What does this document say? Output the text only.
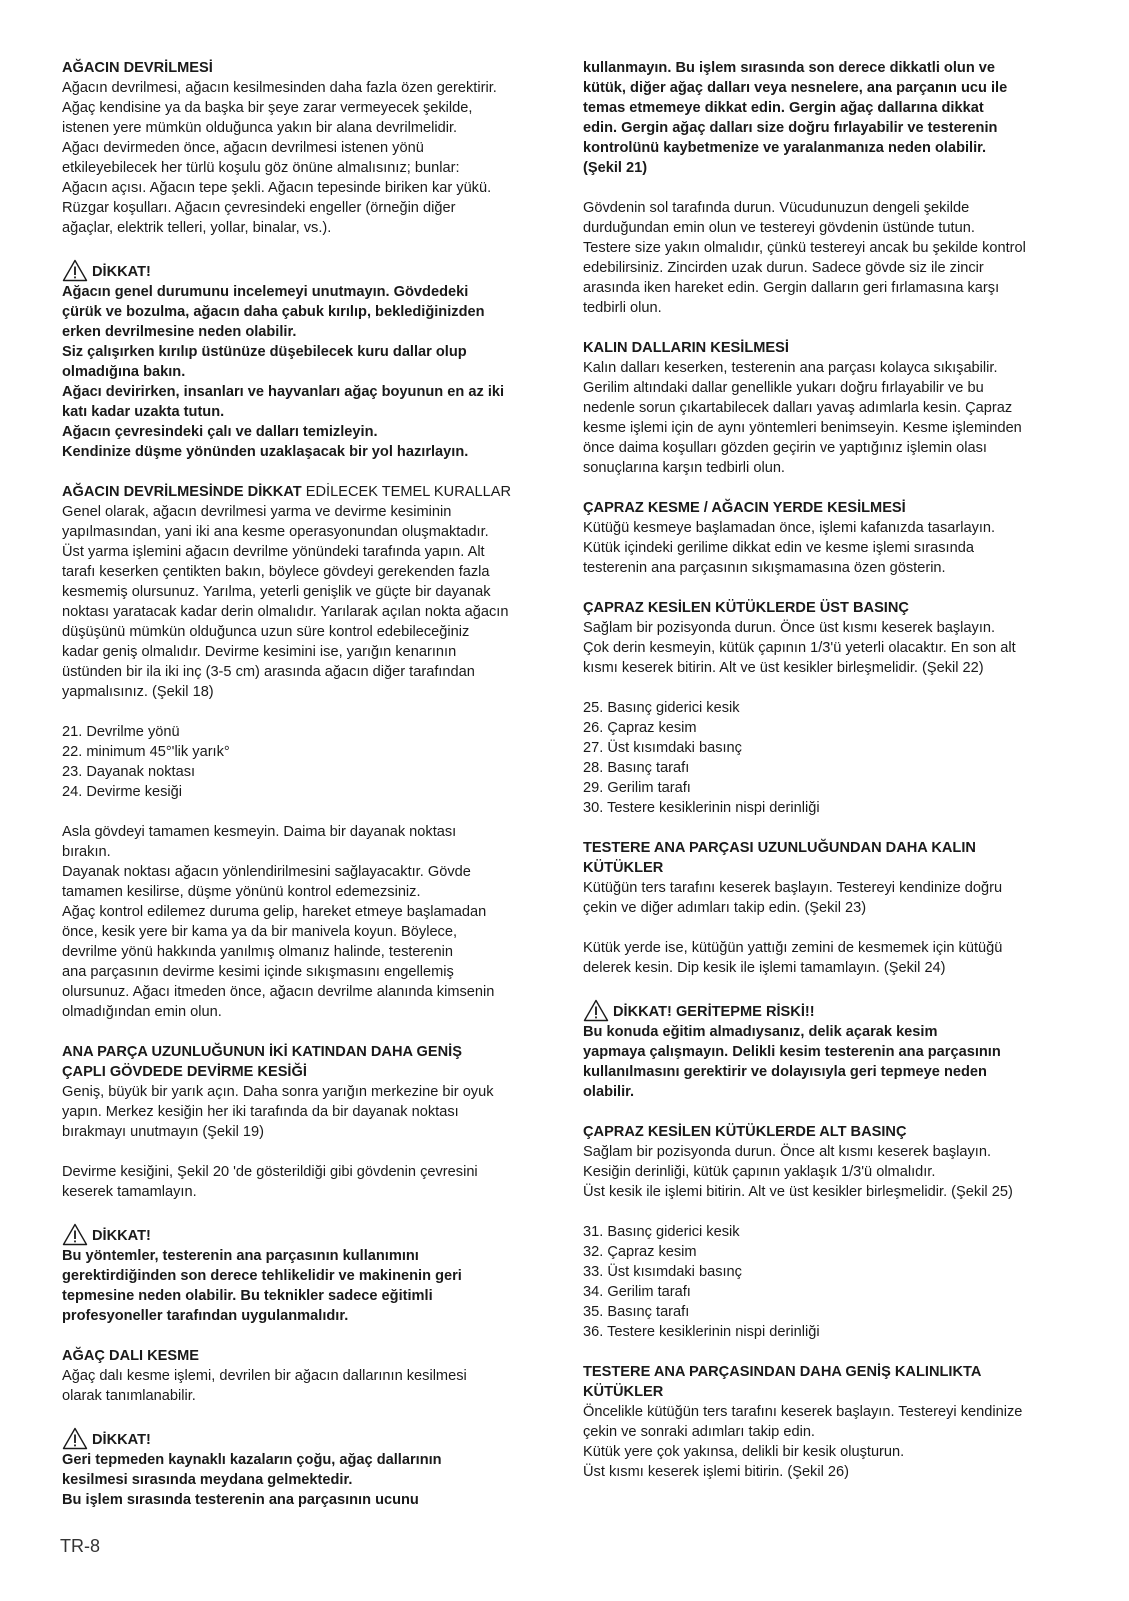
AĞACIN DEVRİLMESİ

Ağacın devrilmesi, ağacın kesilmesinden daha fazla özen gerektirir.
Ağaç kendisine ya da başka bir şeye zarar vermeyecek şekilde,
istenen yere mümkün olduğunca yakın bir alana devrilmelidir.
Ağacı devirmeden önce, ağacın devrilmesi istenen yönü
etkileyebilecek her türlü koşulu göz önüne almalısınız; bunlar:
Ağacın açısı. Ağacın tepe şekli. Ağacın tepesinde biriken kar yükü.
Rüzgar koşulları. Ağacın çevresindeki engeller (örneğin diğer
ağaçlar, elektrik telleri, yollar, binalar, vs.).

DİKKAT!

Ağacın genel durumunu incelemeyi unutmayın. Gövdedeki
çürük ve bozulma, ağacın daha çabuk kırılıp, beklediğinizden
erken devrilmesine neden olabilir.
Siz çalışırken kırılıp üstünüze düşebilecek kuru dallar olup
olmadığına bakın.
Ağacı devirirken, insanları ve hayvanları ağaç boyunun en az iki
katı kadar uzakta tutun.
Ağacın çevresindeki çalı ve dalları temizleyin.
Kendinize düşme yönünden uzaklaşacak bir yol hazırlayın.

AĞACIN DEVRİLMESİNDE DİKKAT EDİLECEK TEMEL KURALLAR

Genel olarak, ağacın devrilmesi yarma ve devirme kesiminin
yapılmasından, yani iki ana kesme operasyonundan oluşmaktadır.
Üst yarma işlemini ağacın devrilme yönündeki tarafında yapın. Alt
tarafı keserken çentikten bakın, böylece gövdeyi gerekenden fazla
kesmemiş olursunuz. Yarılma, yeterli genişlik ve güçte bir dayanak
noktası yaratacak kadar derin olmalıdır. Yarılarak açılan nokta ağacın
düşüşünü mümkün olduğunca uzun süre kontrol edebileceğiniz
kadar geniş olmalıdır. Devirme kesimini ise, yarığın kenarının
üstünden bir ila iki inç (3-5 cm) arasında ağacın diğer tarafından
yapmalısınız. (Şekil 18)

21. Devrilme yönü
22. minimum 45°'lik yarık°
23. Dayanak noktası
24. Devirme kesiği

Asla gövdeyi tamamen kesmeyin. Daima bir dayanak noktası
bırakın.
Dayanak noktası ağacın yönlendirilmesini sağlayacaktır. Gövde
tamamen kesilirse, düşme yönünü kontrol edemezsiniz.
Ağaç kontrol edilemez duruma gelip, hareket etmeye başlamadan
önce, kesik yere bir kama ya da bir manivela koyun. Böylece,
devrilme yönü hakkında yanılmış olmanız halinde, testerenin
ana parçasının devirme kesimi içinde sıkışmasını engellemiş
olursunuz. Ağacı itmeden önce, ağacın devrilme alanında kimsenin
olmadığından emin olun.

ANA PARÇA UZUNLUĞUNUN İKİ KATINDAN DAHA GENİŞ
ÇAPLI GÖVDEDE DEVİRME KESİĞİ

Geniş, büyük bir yarık açın. Daha sonra yarığın merkezine bir oyuk
yapın. Merkez kesiğin her iki tarafında da bir dayanak noktası
bırakmayı unutmayın (Şekil 19)

Devirme kesiğini, Şekil 20 'de gösterildiği gibi gövdenin çevresini
keserek tamamlayın.

DİKKAT!

Bu yöntemler, testerenin ana parçasının kullanımını
gerektirdiğinden son derece tehlikelidir ve makinenin geri
tepmesine neden olabilir. Bu teknikler sadece eğitimli
profesyoneller tarafından uygulanmalıdır.

AĞAÇ DALI KESME

Ağaç dalı kesme işlemi, devrilen bir ağacın dallarının kesilmesi
olarak tanımlanabilir.

DİKKAT!

Geri tepmeden kaynaklı kazaların çoğu, ağaç dallarının
kesilmesi sırasında meydana gelmektedir.
Bu işlem sırasında testerenin ana parçasının ucunu

kullanmayın. Bu işlem sırasında son derece dikkatli olun ve
kütük, diğer ağaç dalları veya nesnelere, ana parçanın ucu ile
temas etmemeye dikkat edin. Gergin ağaç dallarına dikkat
edin. Gergin ağaç dalları size doğru fırlayabilir ve testerenin
kontrolünü kaybetmenize ve yaralanmanıza neden olabilir.
(Şekil 21)

Gövdenin sol tarafında durun. Vücudunuzun dengeli şekilde
durduğundan emin olun ve testereyi gövdenin üstünde tutun.
Testere size yakın olmalıdır, çünkü testereyi ancak bu şekilde kontrol
edebilirsiniz. Zincirden uzak durun. Sadece gövde siz ile zincir
arasında iken hareket edin. Gergin dalların geri fırlamasına karşı
tedbirli olun.

KALIN DALLARIN KESİLMESİ

Kalın dalları keserken, testerenin ana parçası kolayca sıkışabilir.
Gerilim altındaki dallar genellikle yukarı doğru fırlayabilir ve bu
nedenle sorun çıkartabilecek dalları yavaş adımlarla kesin. Çapraz
kesme işlemi için de aynı yöntemleri benimseyin. Kesme işleminden
önce daima koşulları gözden geçirin ve yaptığınız işlemin olası
sonuçlarına karşın tedbirli olun.

ÇAPRAZ KESME / AĞACIN YERDE KESİLMESİ

Kütüğü kesmeye başlamadan önce, işlemi kafanızda tasarlayın.
Kütük içindeki gerilime dikkat edin ve kesme işlemi sırasında
testerenin ana parçasının sıkışmamasına özen gösterin.

ÇAPRAZ KESİLEN KÜTÜKLERDE ÜST BASINÇ

Sağlam bir pozisyonda durun. Önce üst kısmı keserek başlayın.
Çok derin kesmeyin, kütük çapının 1/3'ü yeterli olacaktır. En son alt
kısmı keserek bitirin. Alt ve üst kesikler birleşmelidir. (Şekil 22)

25. Basınç giderici kesik
26. Çapraz kesim
27. Üst kısımdaki basınç
28. Basınç tarafı
29. Gerilim tarafı
30. Testere kesiklerinin nispi derinliği

TESTERE ANA PARÇASI UZUNLUĞUNDAN DAHA KALIN
KÜTÜKLER

Kütüğün ters tarafını keserek başlayın. Testereyi kendinize doğru
çekin ve diğer adımları takip edin. (Şekil 23)

Kütük yerde ise, kütüğün yattığı zemini de kesmemek için kütüğü
delerek kesin. Dip kesik ile işlemi tamamlayın. (Şekil 24)

DİKKAT! GERİTEPME RİSKİ!!

Bu konuda eğitim almadıysanız, delik açarak kesim
yapmaya çalışmayın. Delikli kesim testerenin ana parçasının
kullanılmasını gerektirir ve dolayısıyla geri tepmeye neden
olabilir.

ÇAPRAZ KESİLEN KÜTÜKLERDE ALT BASINÇ

Sağlam bir pozisyonda durun. Önce alt kısmı keserek başlayın.
Kesiğin derinliği, kütük çapının yaklaşık 1/3'ü olmalıdır.
Üst kesik ile işlemi bitirin. Alt ve üst kesikler birleşmelidir. (Şekil 25)

31. Basınç giderici kesik
32. Çapraz kesim
33. Üst kısımdaki basınç
34. Gerilim tarafı
35. Basınç tarafı
36. Testere kesiklerinin nispi derinliği

TESTERE ANA PARÇASINDAN DAHA GENİŞ KALINLIKTA
KÜTÜKLER

Öncelikle kütüğün ters tarafını keserek başlayın. Testereyi kendinize
çekin ve sonraki adımları takip edin.
Kütük yere çok yakınsa, delikli bir kesik oluşturun.
Üst kısmı keserek işlemi bitirin. (Şekil 26)

TR-8
